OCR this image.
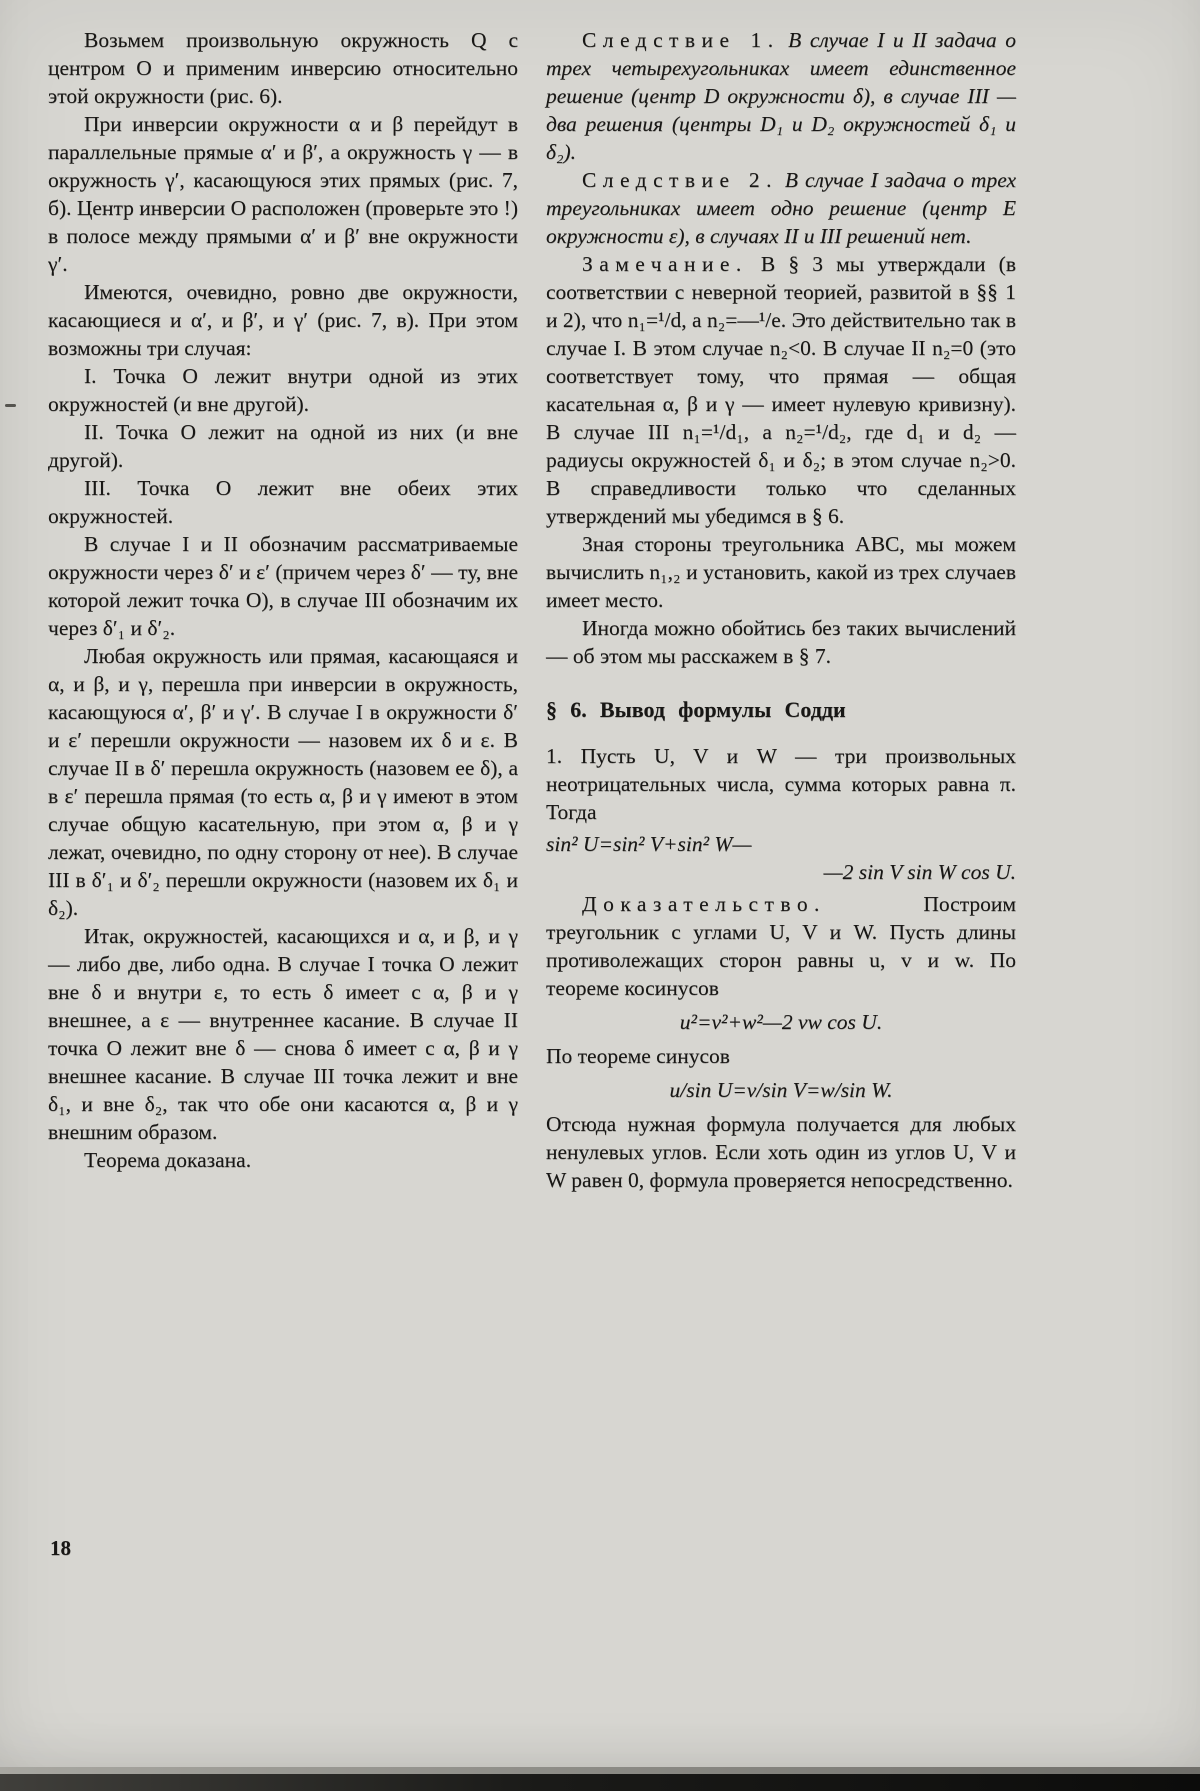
Возьмем произвольную окружность Q с центром O и применим инверсию относительно этой окружности (рис. 6).

При инверсии окружности α и β перейдут в параллельные прямые α′ и β′, а окружность γ — в окружность γ′, касающуюся этих прямых (рис. 7, б). Центр инверсии O расположен (проверьте это !) в полосе между прямыми α′ и β′ вне окружности γ′.

Имеются, очевидно, ровно две окружности, касающиеся и α′, и β′, и γ′ (рис. 7, в). При этом возможны три случая:

I. Точка O лежит внутри одной из этих окружностей (и вне другой).

II. Точка O лежит на одной из них (и вне другой).

III. Точка O лежит вне обеих этих окружностей.

В случае I и II обозначим рассматриваемые окружности через δ′ и ε′ (причем через δ′ — ту, вне которой лежит точка O), в случае III обозначим их через δ′₁ и δ′₂.

Любая окружность или прямая, касающаяся и α, и β, и γ, перешла при инверсии в окружность, касающуюся α′, β′ и γ′. В случае I в окружности δ′ и ε′ перешли окружности — назовем их δ и ε. В случае II в δ′ перешла окружность (назовем ее δ), а в ε′ перешла прямая (то есть α, β и γ имеют в этом случае общую касательную, при этом α, β и γ лежат, очевидно, по одну сторону от нее). В случае III в δ′₁ и δ′₂ перешли окружности (назовем их δ₁ и δ₂).

Итак, окружностей, касающихся и α, и β, и γ — либо две, либо одна. В случае I точка O лежит вне δ и внутри ε, то есть δ имеет с α, β и γ внешнее, а ε — внутреннее касание. В случае II точка O лежит вне δ — снова δ имеет с α, β и γ внешнее касание. В случае III точка лежит и вне δ₁, и вне δ₂, так что обе они касаются α, β и γ внешним образом.

Теорема доказана.

Следствие 1. В случае I и II задача о трех четырехугольниках имеет единственное решение (центр D окружности δ), в случае III — два решения (центры D₁ и D₂ окружностей δ₁ и δ₂).

Следствие 2. В случае I задача о трех треугольниках имеет одно решение (центр E окружности ε), в случаях II и III решений нет.

Замечание. В § 3 мы утверждали (в соответствии с неверной теорией, развитой в §§ 1 и 2), что n₁=¹/d, а n₂=—¹/e. Это действительно так в случае I. В этом случае n₂<0. В случае II n₂=0 (это соответствует тому, что прямая — общая касательная α, β и γ — имеет нулевую кривизну). В случае III n₁=¹/d₁, а n₂=¹/d₂, где d₁ и d₂ — радиусы окружностей δ₁ и δ₂; в этом случае n₂>0. В справедливости только что сделанных утверждений мы убедимся в § 6.

Зная стороны треугольника ABC, мы можем вычислить n₁,₂ и установить, какой из трех случаев имеет место.

Иногда можно обойтись без таких вычислений — об этом мы расскажем в § 7.

§ 6. Вывод формулы Содди

1. Пусть U, V и W — три произвольных неотрицательных числа, сумма которых равна π. Тогда

sin² U=sin² V+sin² W—
—2 sin V sin W cos U.

Доказательство.	Построим треугольник с углами U, V и W. Пусть длины противолежащих сторон равны u, v и w. По теореме косинусов

u²=v²+w²—2 vw cos U.

По теореме синусов

u/sin U=v/sin V=w/sin W.

Отсюда нужная формула получается для любых ненулевых углов. Если хоть один из углов U, V и W равен 0, формула проверяется непосредственно.

18
